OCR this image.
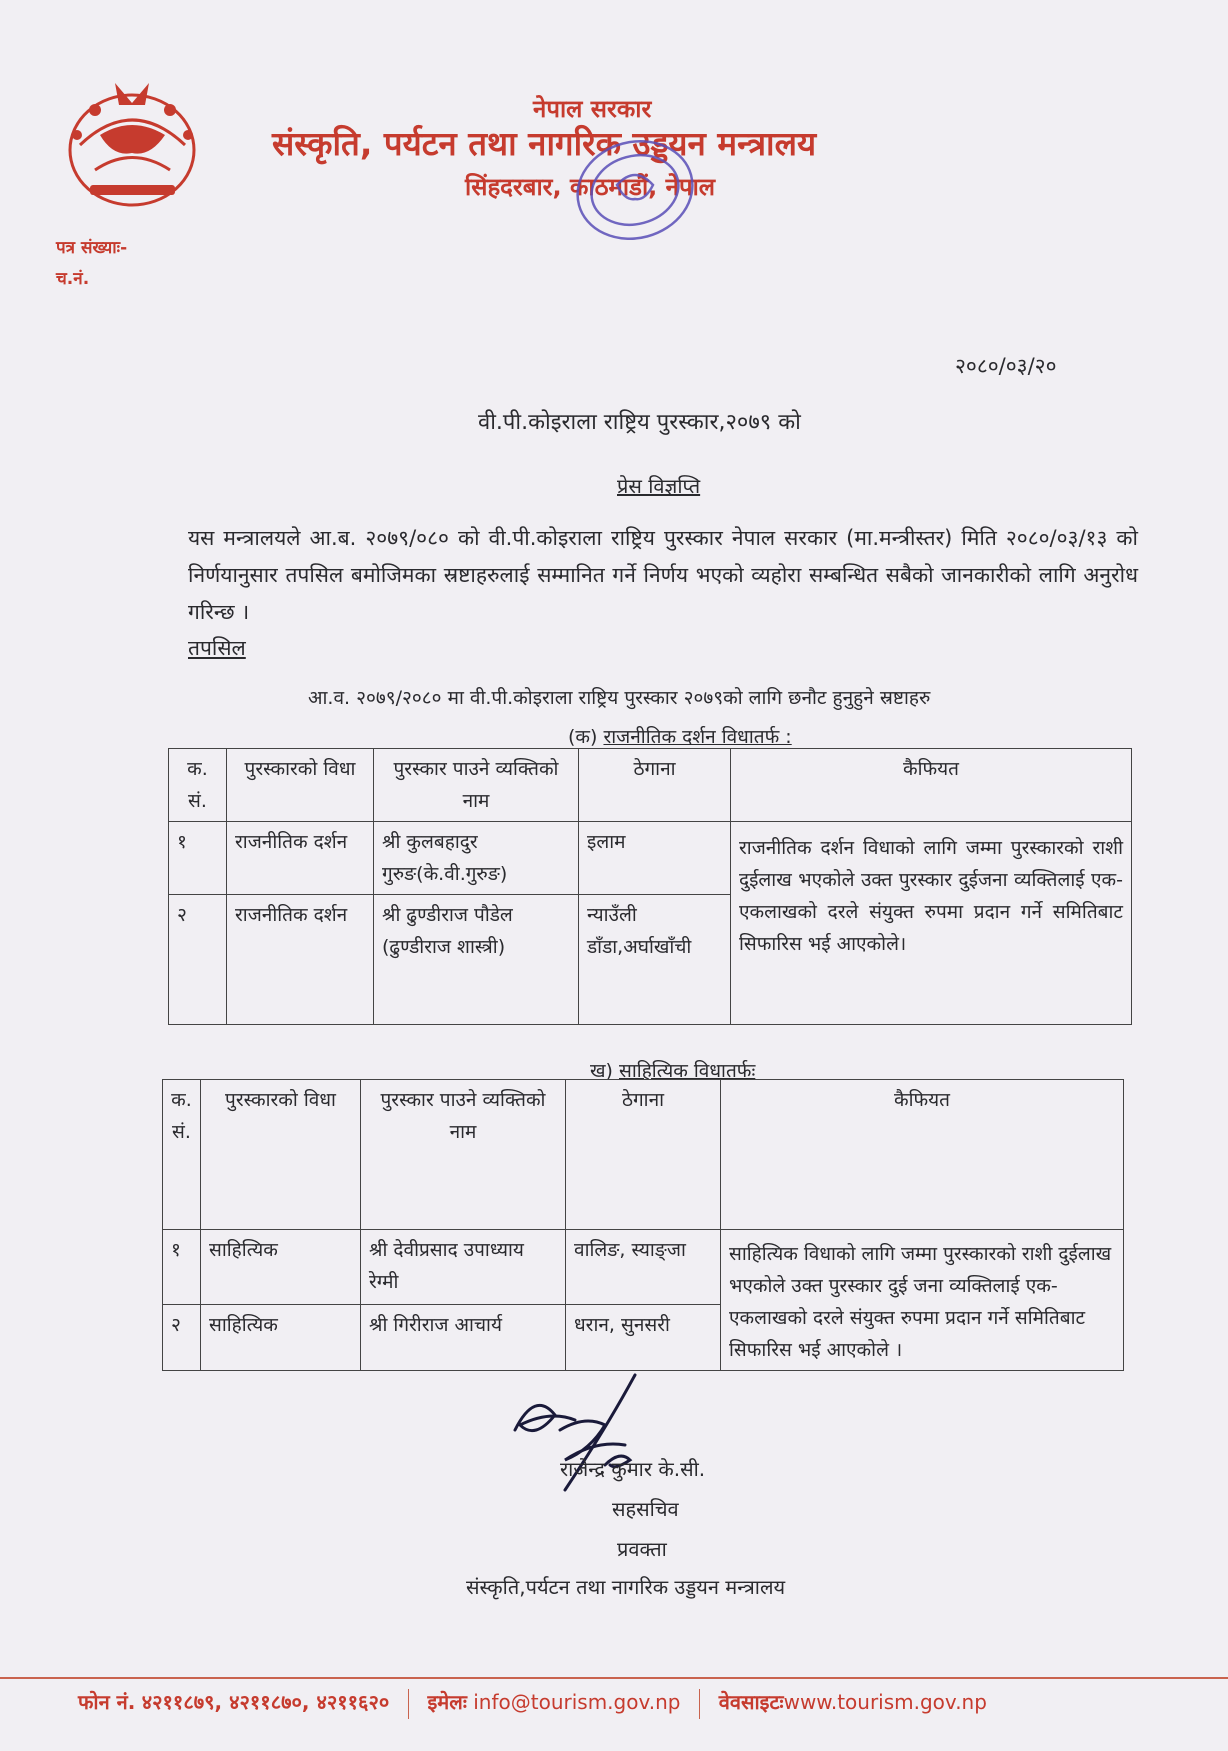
नेपाल सरकार
संस्कृति, पर्यटन तथा नागरिक उड्डयन मन्त्रालय
सिंहदरबार, काठमाडौं, नेपाल
पत्र संख्याः-
च.नं.
२०८०/०३/२०
वी.पी.कोइराला राष्ट्रिय पुरस्कार,२०७९ को
प्रेस विज्ञप्ति
यस मन्त्रालयले आ.ब. २०७९/०८० को वी.पी.कोइराला राष्ट्रिय पुरस्कार नेपाल सरकार (मा.मन्त्रीस्तर) मिति २०८०/०३/१३ को निर्णयानुसार तपसिल बमोजिमका स्रष्टाहरुलाई सम्मानित गर्ने निर्णय भएको व्यहोरा सम्बन्धित सबैको जानकारीको लागि अनुरोध गरिन्छ ।
तपसिल
आ.व. २०७९/२०८० मा वी.पी.कोइराला राष्ट्रिय पुरस्कार २०७९को लागि छनौट हुनुहुने स्रष्टाहरु
(क) राजनीतिक दर्शन विधातर्फ :
क. सं.	पुरस्कारको विधा	पुरस्कार पाउने व्यक्तिको नाम	ठेगाना	कैफियत
१	राजनीतिक दर्शन	श्री कुलबहादुर गुरुङ(के.वी.गुरुङ)	इलाम	राजनीतिक दर्शन विधाको लागि जम्मा पुरस्कारको राशी दुईलाख भएकोले उक्त पुरस्कार दुईजना व्यक्तिलाई एक-एकलाखको दरले संयुक्त रुपमा प्रदान गर्ने समितिबाट सिफारिस भई आएकोले।
२	राजनीतिक दर्शन	श्री ढुण्डीराज पौडेल (ढुण्डीराज शास्त्री)	न्याउँली डाँडा,अर्घाखाँची	
ख) साहित्यिक विधातर्फः
क. सं.	पुरस्कारको विधा	पुरस्कार पाउने व्यक्तिको नाम	ठेगाना	कैफियत
१	साहित्यिक	श्री देवीप्रसाद उपाध्याय रेग्मी	वालिङ, स्याङ्जा	साहित्यिक विधाको लागि जम्मा पुरस्कारको राशी दुईलाख भएकोले उक्त पुरस्कार दुई जना व्यक्तिलाई एक-एकलाखको दरले संयुक्त रुपमा प्रदान गर्ने समितिबाट सिफारिस भई आएकोले ।
२	साहित्यिक	श्री गिरीराज आचार्य	धरान, सुनसरी	
राजेन्द्र कुमार के.सी.
सहसचिव
प्रवक्ता
संस्कृति,पर्यटन तथा नागरिक उड्डयन मन्त्रालय
फोन नं. ४२११८७९, ४२११८७०, ४२११६२० इमेलः info@tourism.gov.np वेवसाइटःwww.tourism.gov.np
